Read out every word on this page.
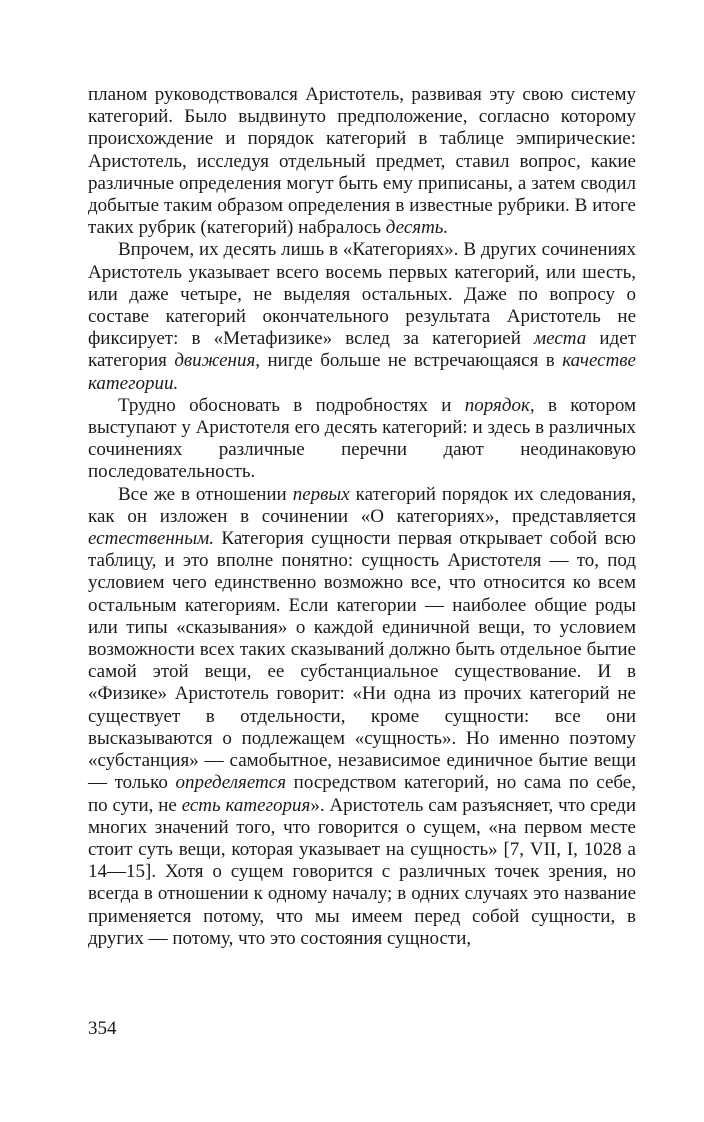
планом руководствовался Аристотель, развивая эту свою систему категорий. Было выдвинуто предположение, согласно которому происхождение и порядок категорий в таблице эмпирические: Аристотель, исследуя отдельный предмет, ставил вопрос, какие различные определения могут быть ему приписаны, а затем сводил добытые таким образом определения в известные рубрики. В итоге таких рубрик (категорий) набралось десять.

Впрочем, их десять лишь в «Категориях». В других сочинениях Аристотель указывает всего восемь первых категорий, или шесть, или даже четыре, не выделяя остальных. Даже по вопросу о составе категорий окончательного результата Аристотель не фиксирует: в «Метафизике» вслед за категорией места идет категория движения, нигде больше не встречающаяся в качестве категории.

Трудно обосновать в подробностях и порядок, в котором выступают у Аристотеля его десять категорий: и здесь в различных сочинениях различные перечни дают неодинаковую последовательность.

Все же в отношении первых категорий порядок их следования, как он изложен в сочинении «О категориях», представляется естественным. Категория сущности первая открывает собой всю таблицу, и это вполне понятно: сущность Аристотеля — то, под условием чего единственно возможно все, что относится ко всем остальным категориям. Если категории — наиболее общие роды или типы «сказывания» о каждой единичной вещи, то условием возможности всех таких сказываний должно быть отдельное бытие самой этой вещи, ее субстанциальное существование. И в «Физике» Аристотель говорит: «Ни одна из прочих категорий не существует в отдельности, кроме сущности: все они высказываются о подлежащем «сущность». Но именно поэтому «субстанция» — самобытное, независимое единичное бытие вещи — только определяется посредством категорий, но сама по себе, по сути, не есть категория». Аристотель сам разъясняет, что среди многих значений того, что говорится о сущем, «на первом месте стоит суть вещи, которая указывает на сущность» [7, VII, I, 1028 a 14—15]. Хотя о сущем говорится с различных точек зрения, но всегда в отношении к одному началу; в одних случаях это название применяется потому, что мы имеем перед собой сущности, в других — потому, что это состояния сущности,

354
